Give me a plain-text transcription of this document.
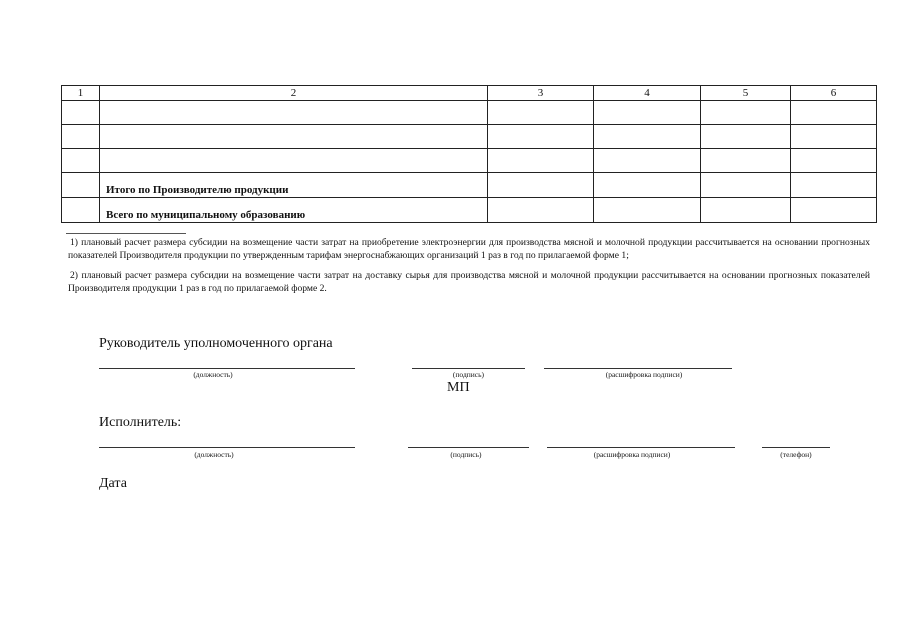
1	2	3	4	5	6

	Итого по Производителю продукции				
	Всего по муниципальному образованию				
1) плановый расчет размера субсидии на возмещение части затрат на приобретение электроэнергии для производства мясной и молочной продукции рассчитывается на основании прогнозных показателей Производителя продукции по утвержденным тарифам энергоснабжающих организаций 1 раз в год по прилагаемой форме 1;
2) плановый расчет размера субсидии на возмещение части затрат на доставку сырья для производства мясной и молочной продукции рассчитывается на основании прогнозных показателей Производителя продукции 1 раз в год по прилагаемой форме 2.
Руководитель уполномоченного органа
(должность)	(подпись)	(расшифровка подписи)
МП
Исполнитель:
(должность)	(подпись)	(расшифровка подписи)	(телефон)
Дата
